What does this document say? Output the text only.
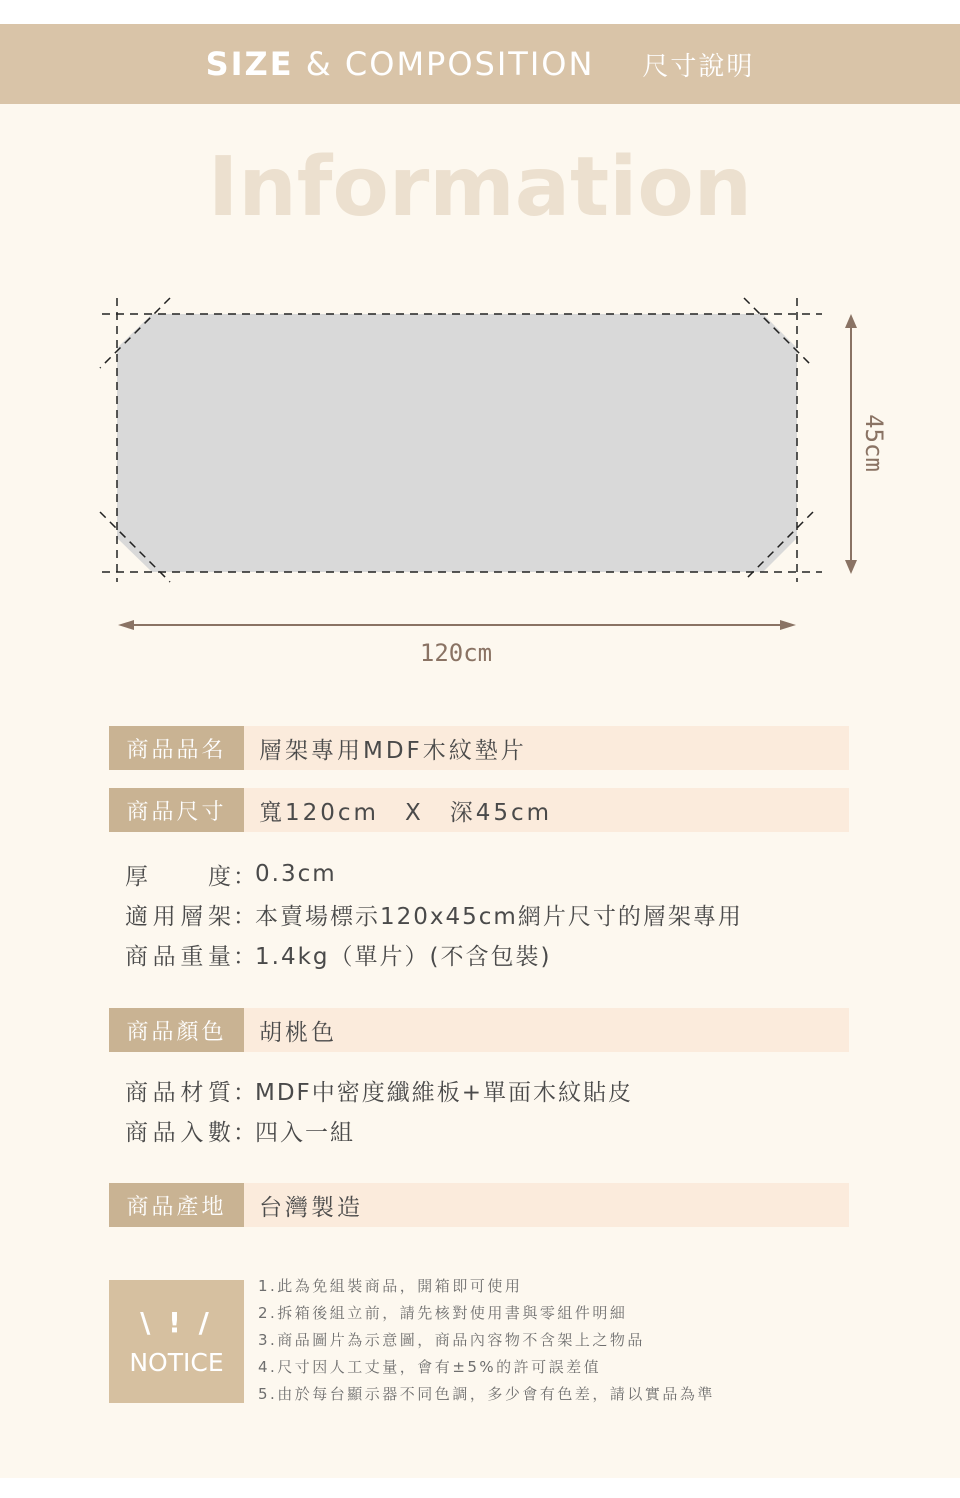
SIZE & COMPOSITION 尺寸說明
Information
45cm
120cm
商品品名	層架專用MDF木紋墊片
商品尺寸	寬120cm　X　深45cm
厚度 ：
0.3cm
適用層架 ：
本賣場標示120x45cm網片尺寸的層架專用
商品重量 ：
1.4kg（單片）(不含包裝)
商品顏色	胡桃色
商品材質 ：
MDF中密度纖維板+單面木紋貼皮
商品入數 ：
四入一組
商品產地	台灣製造
\ ! /
NOTICE
1.此為免組裝商品，開箱即可使用
2.拆箱後組立前，請先核對使用書與零組件明細
3.商品圖片為示意圖，商品內容物不含架上之物品
4.尺寸因人工丈量，會有±5%的許可誤差值
5.由於每台顯示器不同色調，多少會有色差，請以實品為準
